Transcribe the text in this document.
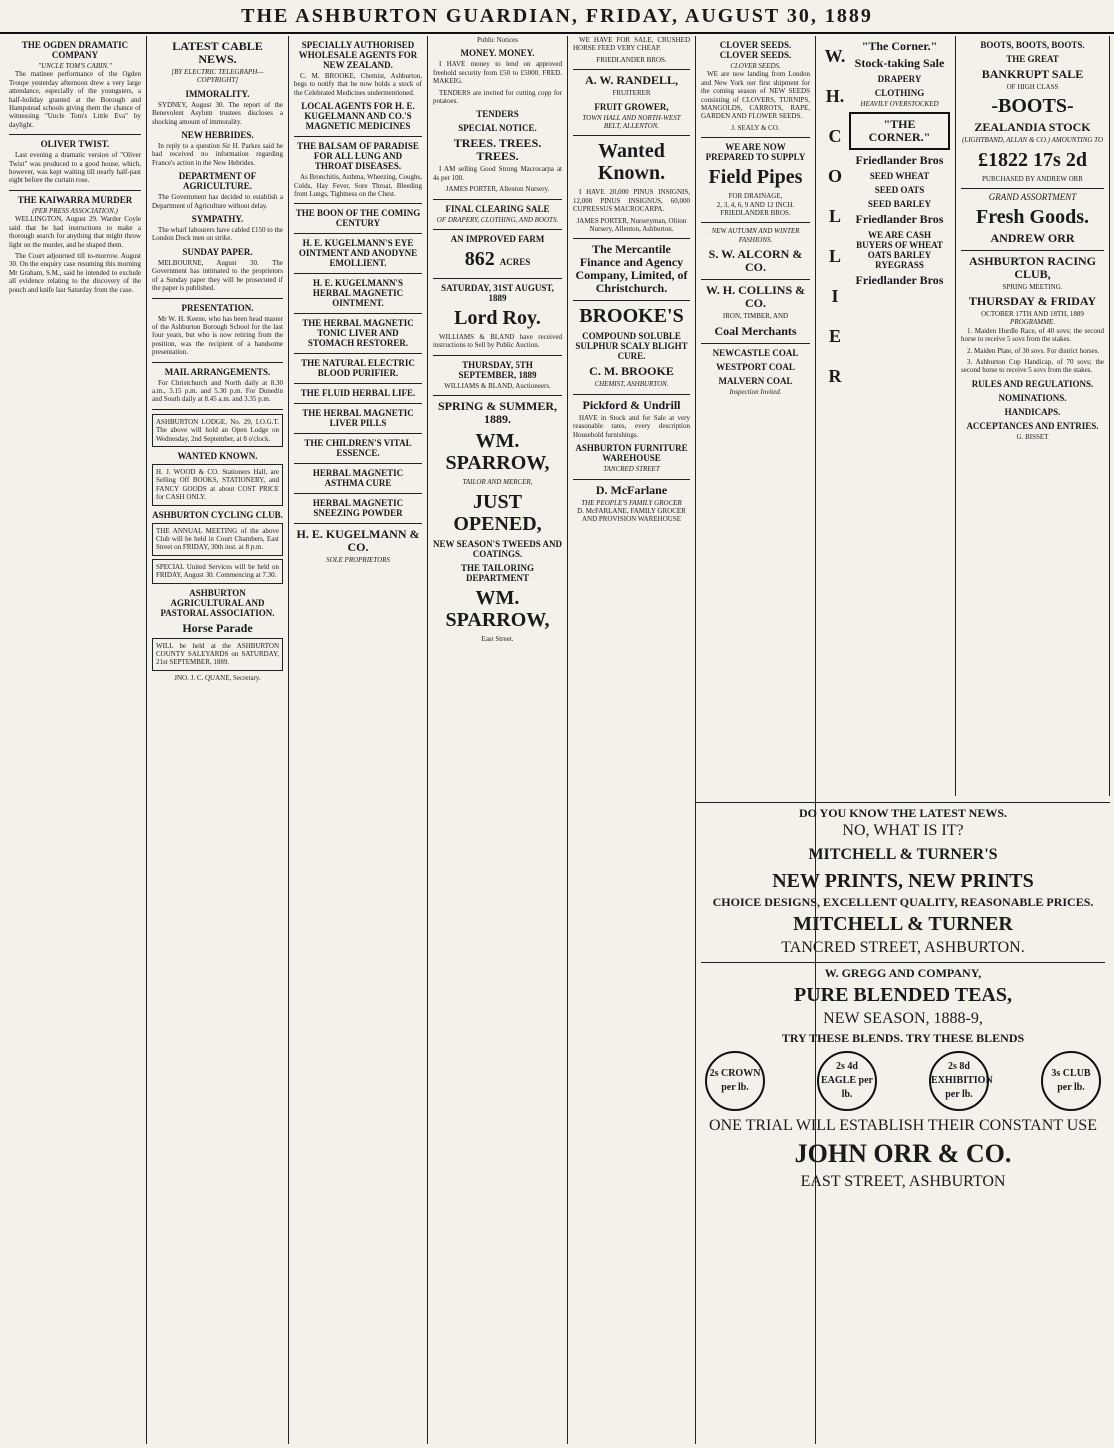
THE ASHBURTON GUARDIAN, FRIDAY, AUGUST 30, 1889
THE OGDEN DRAMATIC COMPANY
"UNCLE TOM'S CABIN."

The matinee performance of the Ogden Troupe yesterday afternoon drew a very large attendance, especially of the youngsters, a half-holiday granted at the Borough and Hampstead schools giving them the chance of witnessing "Uncle Tom's Little Eva" by daylight.

OLIVER TWIST.

Last evening a dramatic version of "Oliver Twist" was produced to a good house, which, however, was kept waiting till nearly half-past eight before the curtain rose.

THE KAIWARRA MURDER
(PER PRESS ASSOCIATION.)

WELLINGTON, August 29. Warder Coyle said that he had instructions to make a thorough search for anything that might throw light on the murder, and he shaped them.

The Court adjourned till to-morrow. August 30. On the enquiry case resuming this morning Mr Graham, S.M., said he intended to exclude all evidence relating to the discovery of the pouch and knife last Saturday from the case.

LATEST CABLE NEWS.
[BY ELECTRIC TELEGRAPH—COPYRIGHT]
IMMORALITY.

SYDNEY, August 30. The report of the Benevolent Asylum trustees discloses a shocking amount of immorality.

NEW HEBRIDES.

In reply to a question Sir H. Parkes said he had received no information regarding France's action in the New Hebrides.

DEPARTMENT OF AGRICULTURE.

The Government has decided to establish a Department of Agriculture without delay.

SYMPATHY.

The wharf labourers have cabled £150 to the London Dock men on strike.

SUNDAY PAPER.

MELBOURNE, August 30. The Government has intimated to the proprietors of a Sunday paper they will be prosecuted if the paper is published.

PRESENTATION.

Mr W. H. Keene, who has been head master of the Ashburton Borough School for the last four years, but who is now retiring from the position, was the recipient of a handsome presentation.

MAIL ARRANGEMENTS.

For Christchurch and North daily at 8.30 a.m., 3.15 p.m. and 5.30 p.m. For Dunedin and South daily at 8.45 a.m. and 3.35 p.m.

ASHBURTON LODGE, No. 29, I.O.G.T. The above will hold an Open Lodge on Wednesday, 2nd September, at 8 o'clock.
WANTED KNOWN.
H. J. WOOD & CO. Stationers Hall, are Selling Off BOOKS, STATIONERY, and FANCY GOODS at about COST PRICE for CASH ONLY.
ASHBURTON CYCLING CLUB.
THE ANNUAL MEETING of the above Club will be held in Court Chambers, East Street on FRIDAY, 30th inst. at 8 p.m.
SPECIAL United Services will be held on FRIDAY, August 30. Commencing at 7.30.
ASHBURTON AGRICULTURAL AND PASTORAL ASSOCIATION.
Horse Parade
WILL be held at the ASHBURTON COUNTY SALEYARDS on SATURDAY, 21st SEPTEMBER, 1889.
JNO. J. C. QUANE, Secretary.
SPECIALLY AUTHORISED WHOLESALE AGENTS FOR NEW ZEALAND.

C. M. BROOKE, Chemist, Ashburton, begs to notify that he now holds a stock of the Celebrated Medicines undermentioned.

LOCAL AGENTS FOR H. E. KUGELMANN AND CO.'S MAGNETIC MEDICINES
THE BALSAM OF PARADISE FOR ALL LUNG AND THROAT DISEASES.

As Bronchitis, Asthma, Wheezing, Coughs, Colds, Hay Fever, Sore Throat, Bleeding from Lungs, Tightness on the Chest.

THE BOON OF THE COMING CENTURY
H. E. KUGELMANN'S EYE OINTMENT AND ANODYNE EMOLLIENT.
H. E. KUGELMANN'S HERBAL MAGNETIC OINTMENT.
THE HERBAL MAGNETIC TONIC LIVER AND STOMACH RESTORER.
THE NATURAL ELECTRIC BLOOD PURIFIER.
THE FLUID HERBAL LIFE.
THE HERBAL MAGNETIC LIVER PILLS
THE CHILDREN'S VITAL ESSENCE.
HERBAL MAGNETIC ASTHMA CURE
HERBAL MAGNETIC SNEEZING POWDER
H. E. KUGELMANN & CO.
SOLE PROPRIETORS
Public Notices
MONEY. MONEY.

I HAVE money to lend on approved freehold security from £50 to £5000. FRED. MAKEIG.

TENDERS are invited for cutting copp for potatoes.

TENDERS
SPECIAL NOTICE.
TREES. TREES. TREES.

I AM selling Good Strong Macrocarpa at 4s per 100.

JAMES PORTER, Allenton Nursery.
FINAL CLEARING SALE
OF DRAPERY, CLOTHING, AND BOOTS.
AN IMPROVED FARM
862 ACRES
SATURDAY, 31ST AUGUST, 1889
Lord Roy.

WILLIAMS & BLAND have received instructions to Sell by Public Auction.

THURSDAY, 5TH SEPTEMBER, 1889
WILLIAMS & BLAND, Auctioneers.
SPRING & SUMMER, 1889.
WM. SPARROW,
TAILOR AND MERCER,
JUST OPENED,
NEW SEASON'S TWEEDS AND COATINGS.
THE TAILORING DEPARTMENT
WM. SPARROW,
East Street.

WE HAVE FOR SALE, CRUSHED HORSE FEED VERY CHEAP.

FRIEDLANDER BROS.
A. W. RANDELL,
FRUITERER
FRUIT GROWER,
TOWN HALL AND NORTH-WEST BELT, ALLENTON.
Wanted Known.

I HAVE 20,000 PINUS INSIGNIS, 12,000 PINUS INSIGNUS, 60,000 CUPRESSUS MACROCARPA.

JAMES PORTER, Nurseryman, Oliton Nursery, Allenton, Ashburton.
The Mercantile Finance and Agency Company, Limited, of Christchurch.
BROOKE'S
COMPOUND SOLUBLE SULPHUR SCALY BLIGHT CURE.
C. M. BROOKE
CHEMIST, ASHBURTON.
Pickford & Undrill

HAVE in Stock and for Sale at very reasonable rates, every description Household furnishings.

ASHBURTON FURNITURE WAREHOUSE
TANCRED STREET
D. McFarlane
THE PEOPLE'S FAMILY GROCER
D. McFARLANE, FAMILY GROCER AND PROVISION WAREHOUSE
CLOVER SEEDS. CLOVER SEEDS.
CLOVER SEEDS.

WE are now landing from London and New York our first shipment for the coming season of NEW SEEDS consisting of CLOVERS, TURNIPS, MANGOLDS, CARROTS, RAPE, GARDEN AND FLOWER SEEDS.

J. SEALY & CO.
WE ARE NOW PREPARED TO SUPPLY
Field Pipes
FOR DRAINAGE,
2, 3, 4, 6, 9 AND 12 INCH.
FRIEDLANDER BROS.
NEW AUTUMN AND WINTER FASHIONS.
S. W. ALCORN & CO.
W. H. COLLINS & CO.
IRON, TIMBER, AND
Coal Merchants
NEWCASTLE COAL
WESTPORT COAL
MALVERN COAL
Inspection Invited.
W.
H.
C
O
L
L
I
E
R
"The Corner."
Stock-taking Sale
DRAPERY
CLOTHING
HEAVILY OVERSTOCKED
"THE CORNER."
Friedlander Bros
SEED WHEAT
SEED OATS
SEED BARLEY
Friedlander Bros
WE ARE CASH BUYERS OF WHEAT OATS BARLEY RYEGRASS
Friedlander Bros
BOOTS, BOOTS, BOOTS.
THE GREAT
BANKRUPT SALE
OF HIGH CLASS
-BOOTS-
ZEALANDIA STOCK
(LIGHTBAND, ALLAN & CO.) AMOUNTING TO
£1822 17s 2d
PURCHASED BY ANDREW ORR
GRAND ASSORTMENT
Fresh Goods.
ANDREW ORR
ASHBURTON RACING CLUB,
SPRING MEETING.
THURSDAY & FRIDAY
OCTOBER 17TH AND 18TH, 1889
PROGRAMME.

1. Maiden Hurdle Race, of 40 sovs; the second horse to receive 5 sovs from the stakes.

2. Maiden Plate, of 30 sovs. For district horses.

3. Ashburton Cup Handicap, of 70 sovs; the second horse to receive 5 sovs from the stakes.

RULES AND REGULATIONS.
NOMINATIONS.
HANDICAPS.
ACCEPTANCES AND ENTRIES.
G. BISSET
DO YOU KNOW THE LATEST NEWS.
NO, WHAT IS IT?
MITCHELL & TURNER'S
NEW PRINTS, NEW PRINTS
CHOICE DESIGNS, EXCELLENT QUALITY, REASONABLE PRICES.
MITCHELL & TURNER
TANCRED STREET, ASHBURTON.
W. GREGG AND COMPANY,
PURE BLENDED TEAS,
NEW SEASON, 1888-9,
TRY THESE BLENDS. TRY THESE BLENDS
2s CROWN per lb.
2s 4d EAGLE per lb.
2s 8d EXHIBITION per lb.
3s CLUB per lb.
ONE TRIAL WILL ESTABLISH THEIR CONSTANT USE
JOHN ORR & CO.
EAST STREET, ASHBURTON
